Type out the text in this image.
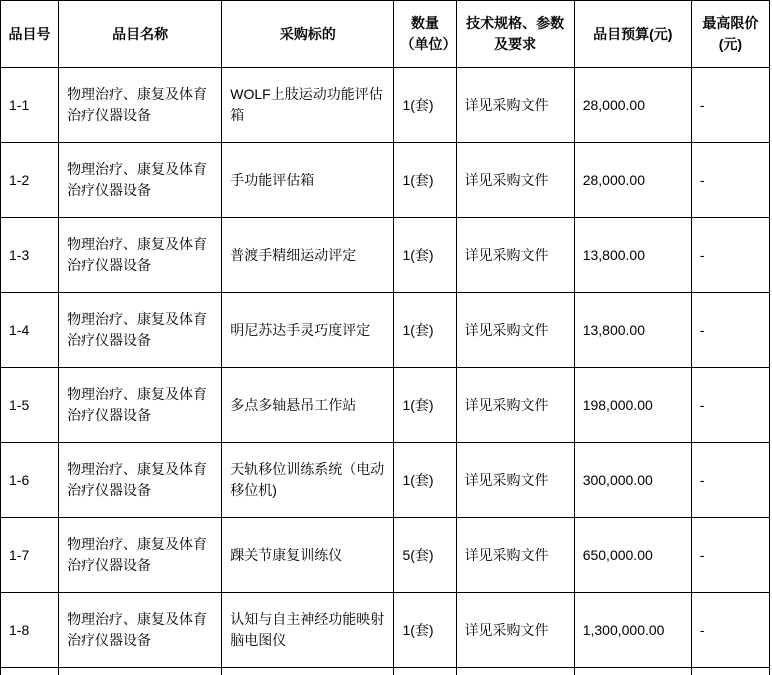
品目号	品目名称	采购标的	数量（单位）	技术规格、参数及要求	品目预算(元)	最高限价(元)
1-1	物理治疗、康复及体育治疗仪器设备	WOLF上肢运动功能评估箱	1(套)	详见采购文件	28,000.00	-
1-2	物理治疗、康复及体育治疗仪器设备	手功能评估箱	1(套)	详见采购文件	28,000.00	-
1-3	物理治疗、康复及体育治疗仪器设备	普渡手精细运动评定	1(套)	详见采购文件	13,800.00	-
1-4	物理治疗、康复及体育治疗仪器设备	明尼苏达手灵巧度评定	1(套)	详见采购文件	13,800.00	-
1-5	物理治疗、康复及体育治疗仪器设备	多点多轴悬吊工作站	1(套)	详见采购文件	198,000.00	-
1-6	物理治疗、康复及体育治疗仪器设备	天轨移位训练系统（电动移位机)	1(套)	详见采购文件	300,000.00	-
1-7	物理治疗、康复及体育治疗仪器设备	踝关节康复训练仪	5(套)	详见采购文件	650,000.00	-
1-8	物理治疗、康复及体育治疗仪器设备	认知与自主神经功能映射脑电图仪	1(套)	详见采购文件	1,300,000.00	-
